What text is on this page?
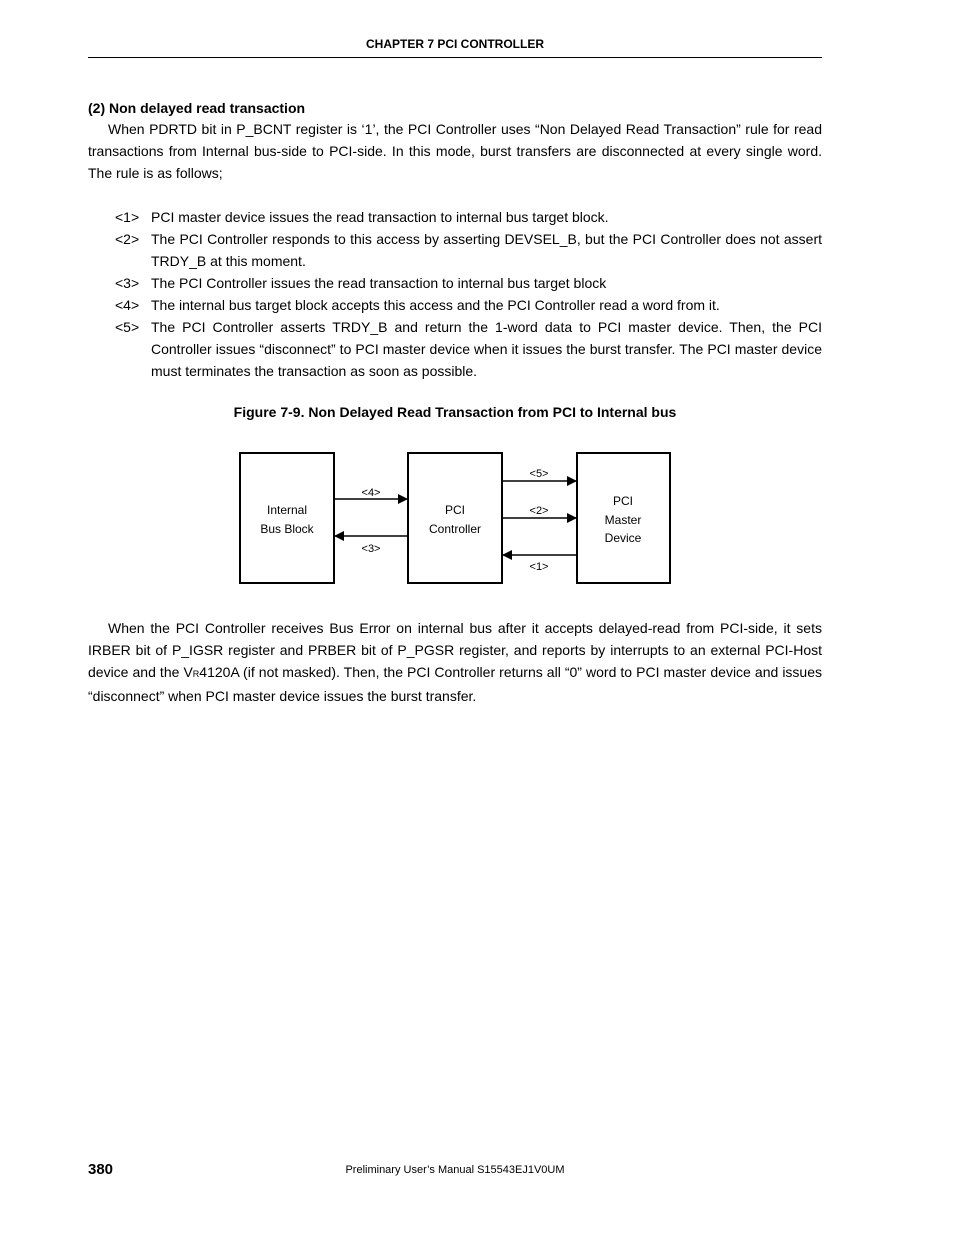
CHAPTER 7 PCI CONTROLLER
(2) Non delayed read transaction

When PDRTD bit in P_BCNT register is ‘1’, the PCI Controller uses “Non Delayed Read Transaction” rule for read transactions from Internal bus-side to PCI-side. In this mode, burst transfers are disconnected at every single word. The rule is as follows;

<1> PCI master device issues the read transaction to internal bus target block.
<2> The PCI Controller responds to this access by asserting DEVSEL_B, but the PCI Controller does not assert TRDY_B at this moment.
<3> The PCI Controller issues the read transaction to internal bus target block
<4> The internal bus target block accepts this access and the PCI Controller read a word from it.
<5> The PCI Controller asserts TRDY_B and return the 1-word data to PCI master device. Then, the PCI Controller issues “disconnect” to PCI master device when it issues the burst transfer. The PCI master device must terminates the transaction as soon as possible.
Figure 7-9. Non Delayed Read Transaction from PCI to Internal bus
Internal
Bus Block
PCI
Controller
PCI
Master
Device
<4>
<3>
<5>
<2>
<1>

When the PCI Controller receives Bus Error on internal bus after it accepts delayed-read from PCI-side, it sets IRBER bit of P_IGSR register and PRBER bit of P_PGSR register, and reports by interrupts to an external PCI-Host device and the VR4120A (if not masked). Then, the PCI Controller returns all “0” word to PCI master device and issues “disconnect” when PCI master device issues the burst transfer.

380	Preliminary User’s Manual S15543EJ1V0UM
